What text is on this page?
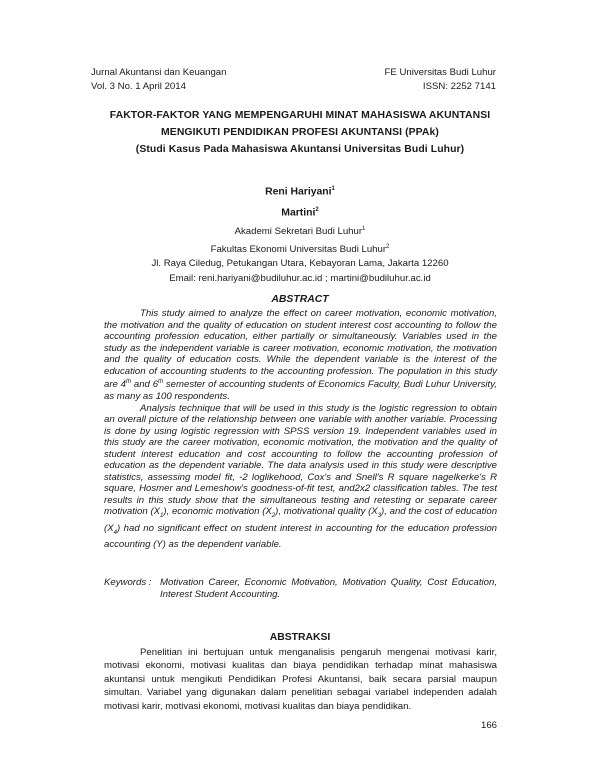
Jurnal Akuntansi dan Keuangan
Vol. 3 No. 1 April 2014
FE Universitas Budi Luhur
ISSN: 2252 7141
FAKTOR-FAKTOR YANG MEMPENGARUHI MINAT MAHASISWA AKUNTANSI
MENGIKUTI PENDIDIKAN PROFESI AKUNTANSI (PPAk)
(Studi Kasus Pada Mahasiswa Akuntansi Universitas Budi Luhur)
Reni Hariyani$^1$
Martini$^2$
Akademi Sekretari Budi Luhur$^1$
Fakultas Ekonomi Universitas Budi Luhur$^2$
Jl. Raya Ciledug, Petukangan Utara, Kebayoran Lama, Jakarta 12260
Email: reni.hariyani@budiluhur.ac.id ; martini@budiluhur.ac.id
ABSTRACT

This study aimed to analyze the effect on career motivation, economic motivation, the motivation and the quality of education on student interest cost accounting to follow the accounting profession education, either partially or simultaneously. Variables used in the study as the independent variable is career motivation, economic motivation, the motivation and the quality of education costs. While the dependent variable is the interest of the education of accounting students to the accounting profession. The population in this study are 4th and 6th semester of accounting students of Economics Faculty, Budi Luhur University, as many as 100 respondents.

Analysis technique that will be used in this study is the logistic regression to obtain an overall picture of the relationship between one variable with another variable. Processing is done by using logistic regression with SPSS version 19. Independent variables used in this study are the career motivation, economic motivation, the motivation and the quality of student interest education and cost accounting to follow the accounting profession of education as the dependent variable. The data analysis used in this study were descriptive statistics, assessing model fit, -2 loglikehood, Cox's and Snell's R square nagelkerke's R square, Hosmer and Lemeshow's goodness-of-fit test, and2x2 classification tables. The test results in this study show that the simultaneous testing and retesting or separate career motivation $(X_1)$, economic motivation $(X_2)$, motivational quality $(X_3)$, and the cost of education $(X_4)$ had no significant effect on student interest in accounting for the education profession accounting (Y) as the dependent variable.

Keywords : Motivation Career, Economic Motivation, Motivation Quality, Cost Education, Interest Student Accounting.
ABSTRAKSI

Penelitian ini bertujuan untuk menganalisis pengaruh mengenai motivasi karir, motivasi ekonomi, motivasi kualitas dan biaya pendidikan terhadap minat mahasiswa akuntansi untuk mengikuti Pendidikan Profesi Akuntansi, baik secara parsial maupun simultan. Variabel yang digunakan dalam penelitian sebagai variabel independen adalah motivasi karir, motivasi ekonomi, motivasi kualitas dan biaya pendidikan.

166
